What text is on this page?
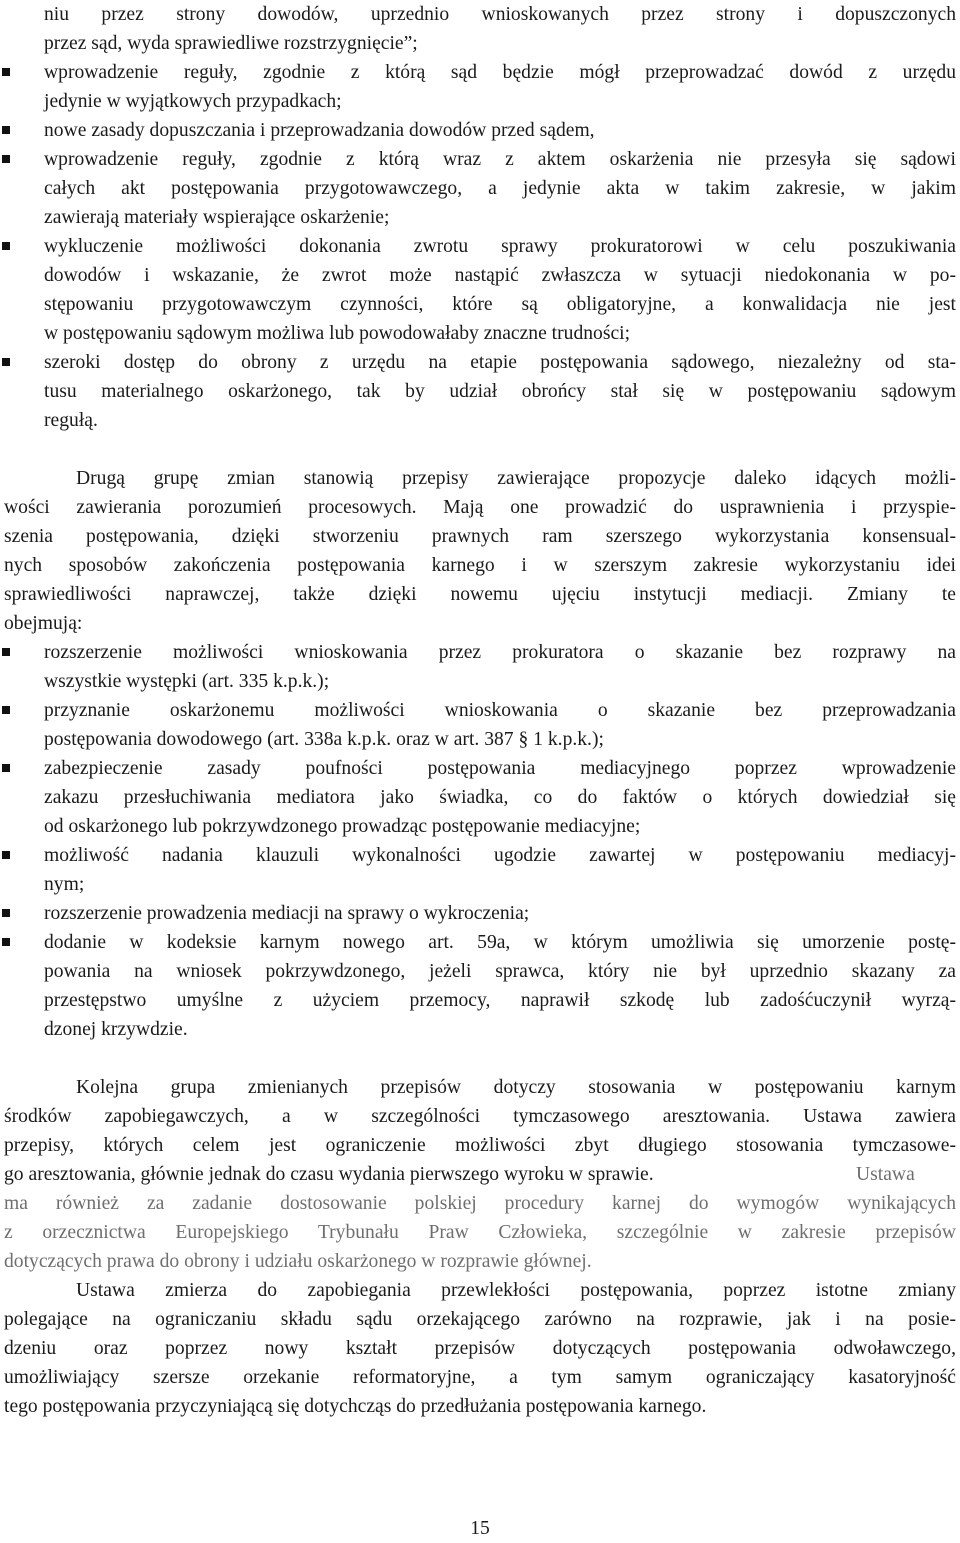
niu przez strony dowodów, uprzednio wnioskowanych przez strony i dopuszczonych
przez sąd, wyda sprawiedliwe rozstrzygnięcie”;
wprowadzenie reguły, zgodnie z którą sąd będzie mógł przeprowadzać dowód z urzędu
jedynie w wyjątkowych przypadkach;
nowe zasady dopuszczania i przeprowadzania dowodów przed sądem,
wprowadzenie reguły, zgodnie z którą wraz z aktem oskarżenia nie przesyła się sądowi
całych akt postępowania przygotowawczego, a jedynie akta w takim zakresie, w jakim
zawierają materiały wspierające oskarżenie;
wykluczenie możliwości dokonania zwrotu sprawy prokuratorowi w celu poszukiwania
dowodów i wskazanie, że zwrot może nastąpić zwłaszcza w sytuacji niedokonania w po-
stępowaniu przygotowawczym czynności, które są obligatoryjne, a konwalidacja nie jest
w postępowaniu sądowym możliwa lub powodowałaby znaczne trudności;
szeroki dostęp do obrony z urzędu na etapie postępowania sądowego, niezależny od sta-
tusu materialnego oskarżonego, tak by udział obrońcy stał się w postępowaniu sądowym
regułą.
Drugą grupę zmian stanowią przepisy zawierające propozycje daleko idących możli-
wości zawierania porozumień procesowych. Mają one prowadzić do usprawnienia i przyspie-
szenia postępowania, dzięki stworzeniu prawnych ram szerszego wykorzystania konsensual-
nych sposobów zakończenia postępowania karnego i w szerszym zakresie wykorzystaniu idei
sprawiedliwości naprawczej, także dzięki nowemu ujęciu instytucji mediacji. Zmiany te
obejmują:
rozszerzenie możliwości wnioskowania przez prokuratora o skazanie bez rozprawy na
wszystkie występki (art. 335 k.p.k.);
przyznanie oskarżonemu możliwości wnioskowania o skazanie bez przeprowadzania
postępowania dowodowego (art. 338a k.p.k. oraz w art. 387 § 1 k.p.k.);
zabezpieczenie zasady poufności postępowania mediacyjnego poprzez wprowadzenie
zakazu przesłuchiwania mediatora jako świadka, co do faktów o których dowiedział się
od oskarżonego lub pokrzywdzonego prowadząc postępowanie mediacyjne;
możliwość nadania klauzuli wykonalności ugodzie zawartej w postępowaniu mediacyj-
nym;
rozszerzenie prowadzenia mediacji na sprawy o wykroczenia;
dodanie w kodeksie karnym nowego art. 59a, w którym umożliwia się umorzenie postę-
powania na wniosek pokrzywdzonego, jeżeli sprawca, który nie był uprzednio skazany za
przestępstwo umyślne z użyciem przemocy, naprawił szkodę lub zadośćuczynił wyrzą-
dzonej krzywdzie.
Kolejna grupa zmienianych przepisów dotyczy stosowania w postępowaniu karnym
środków zapobiegawczych, a w szczególności tymczasowego aresztowania. Ustawa zawiera
przepisy, których celem jest ograniczenie możliwości zbyt długiego stosowania tymczasowe-
go aresztowania, głównie jednak do czasu wydania pierwszego wyroku w sprawie.	Ustawa
ma również za zadanie dostosowanie polskiej procedury karnej do wymogów wynikających
z orzecznictwa Europejskiego Trybunału Praw Człowieka, szczególnie w zakresie przepisów
dotyczących prawa do obrony i udziału oskarżonego w rozprawie głównej.
Ustawa zmierza do zapobiegania przewlekłości postępowania, poprzez istotne zmiany
polegające na ograniczaniu składu sądu orzekającego zarówno na rozprawie, jak i na posie-
dzeniu oraz poprzez nowy kształt przepisów dotyczących postępowania odwoławczego,
umożliwiający szersze orzekanie reformatoryjne, a tym samym ograniczający kasatoryjność
tego postępowania przyczyniającą się dotychcząs do przedłużania postępowania karnego.
15
